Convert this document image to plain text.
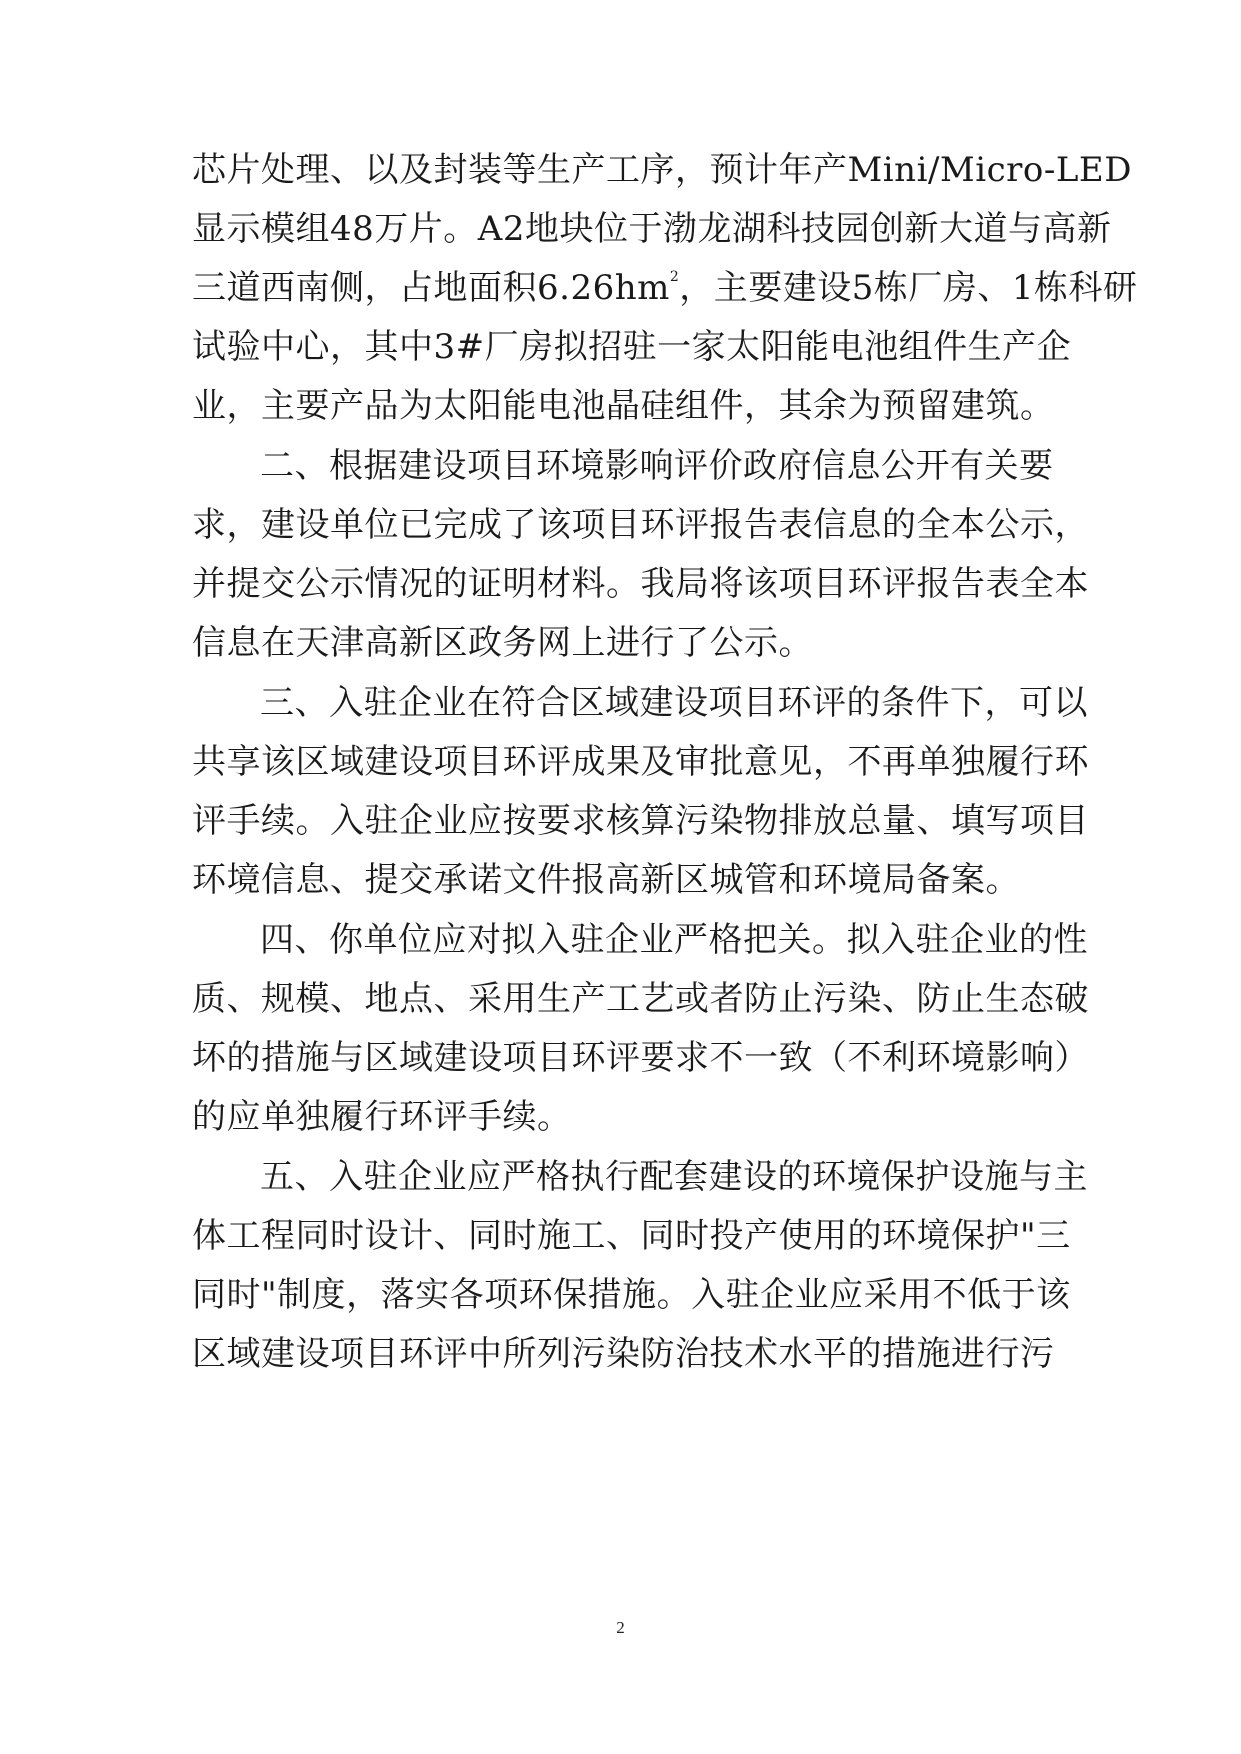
芯片处理、以及封装等生产工序，预计年产Mini/Micro-LED
显示模组48万片。A2地块位于渤龙湖科技园创新大道与高新
三道西南侧，占地面积$6.26hm^2$，主要建设5栋厂房、1栋科研
试验中心，其中3#厂房拟招驻一家太阳能电池组件生产企
业，主要产品为太阳能电池晶硅组件，其余为预留建筑。
二、根据建设项目环境影响评价政府信息公开有关要
求，建设单位已完成了该项目环评报告表信息的全本公示，
并提交公示情况的证明材料。我局将该项目环评报告表全本
信息在天津高新区政务网上进行了公示。
三、入驻企业在符合区域建设项目环评的条件下，可以
共享该区域建设项目环评成果及审批意见，不再单独履行环
评手续。入驻企业应按要求核算污染物排放总量、填写项目
环境信息、提交承诺文件报高新区城管和环境局备案。
四、你单位应对拟入驻企业严格把关。拟入驻企业的性
质、规模、地点、采用生产工艺或者防止污染、防止生态破
坏的措施与区域建设项目环评要求不一致（不利环境影响）
的应单独履行环评手续。
五、入驻企业应严格执行配套建设的环境保护设施与主
体工程同时设计、同时施工、同时投产使用的环境保护"三
同时"制度，落实各项环保措施。入驻企业应采用不低于该
区域建设项目环评中所列污染防治技术水平的措施进行污
2
